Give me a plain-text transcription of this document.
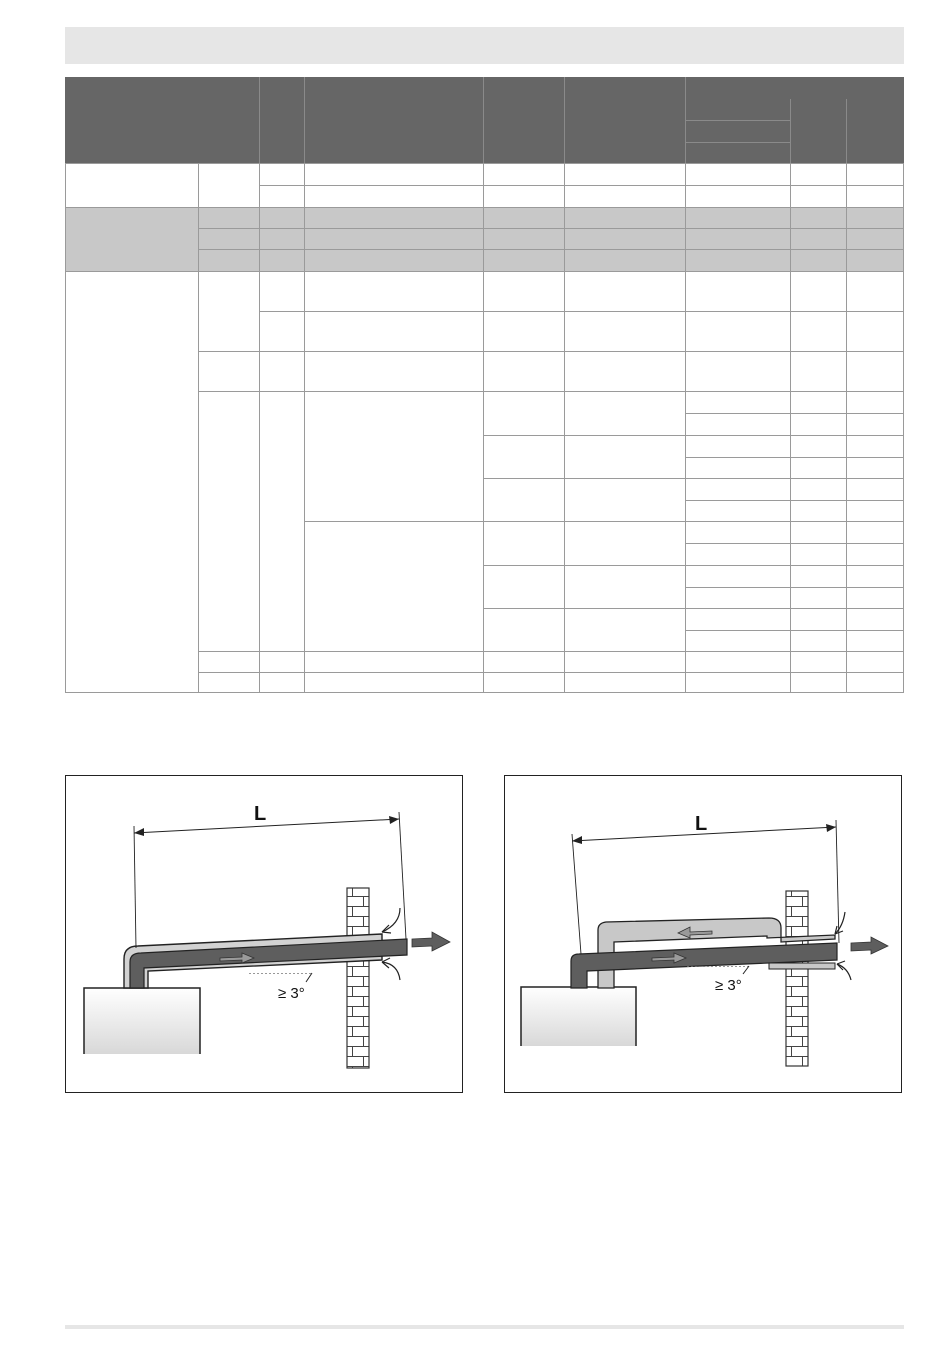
≥ 3°
L
≥ 3°
L
